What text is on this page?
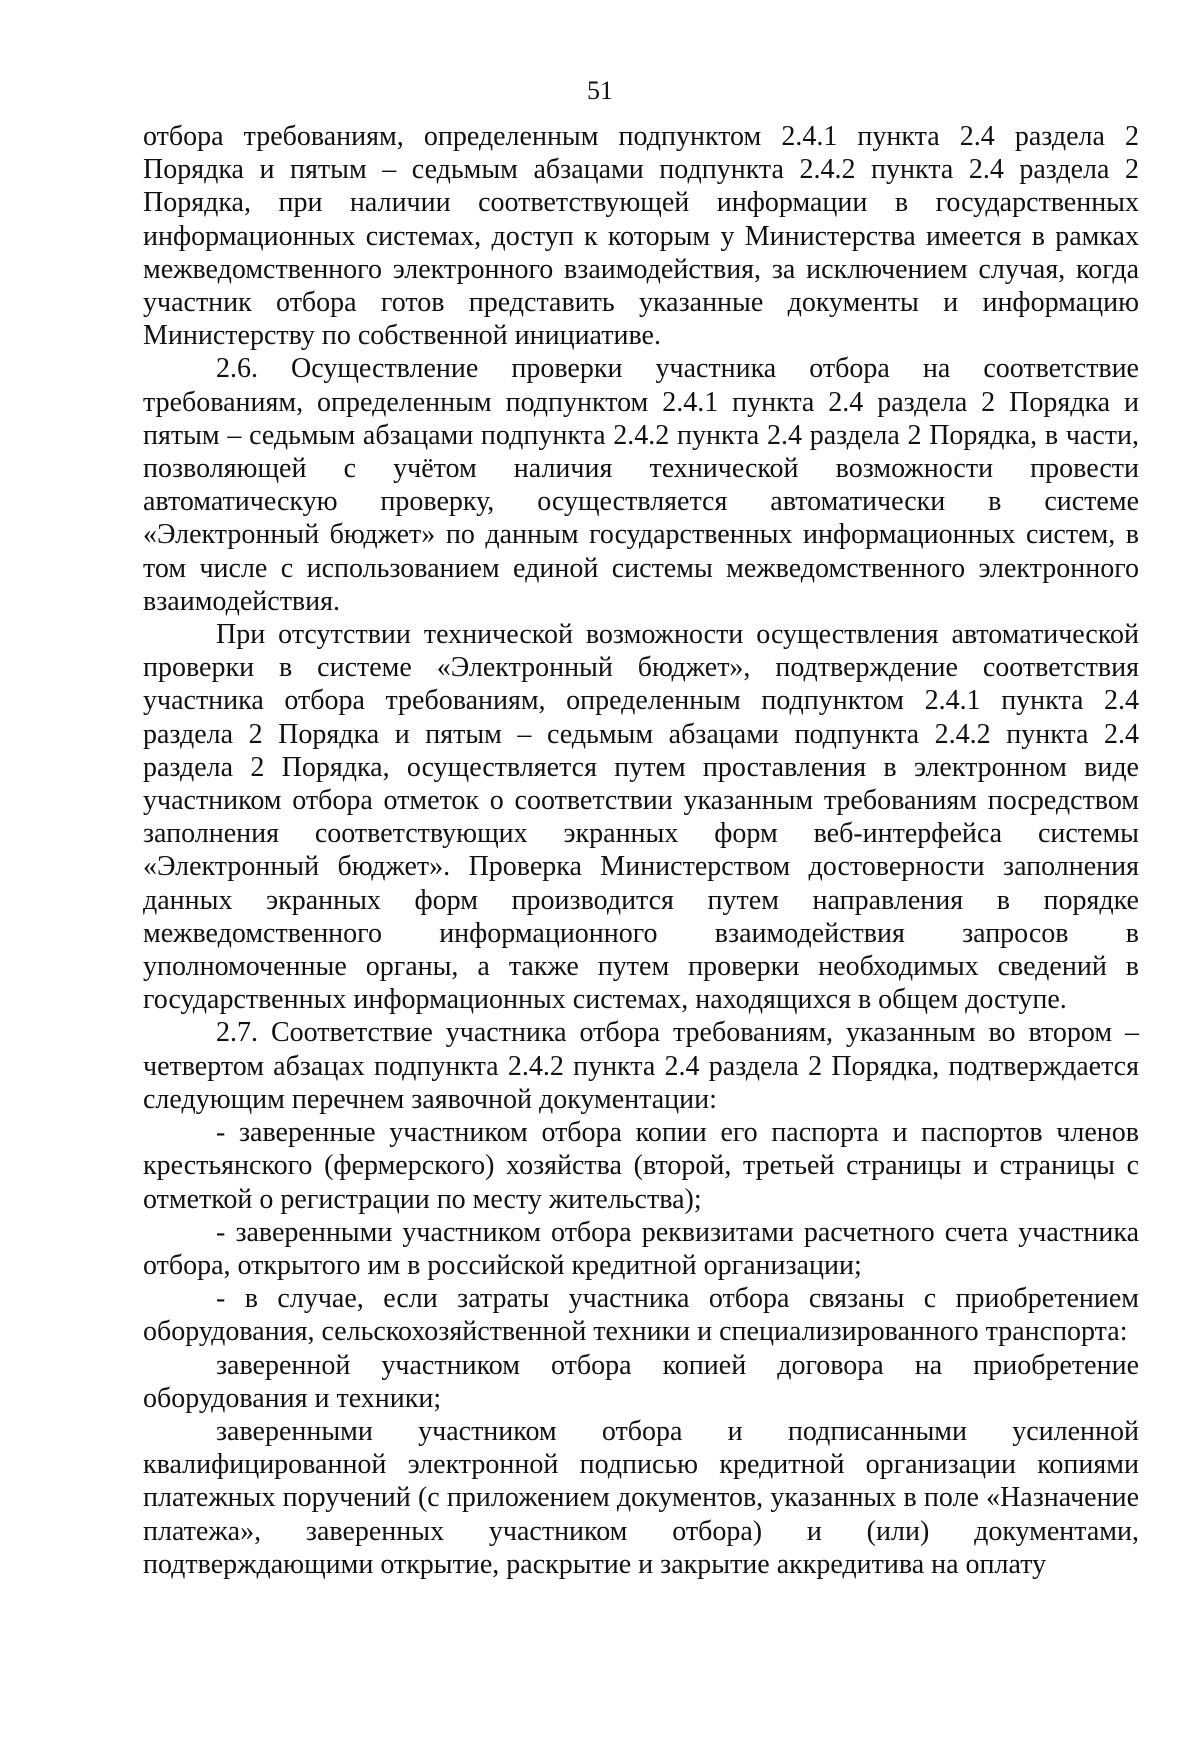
51

отбора требованиям, определенным подпунктом 2.4.1 пункта 2.4 раздела 2 Порядка и пятым – седьмым абзацами подпункта 2.4.2 пункта 2.4 раздела 2 Порядка, при наличии соответствующей информации в государственных информационных системах, доступ к которым у Министерства имеется в рамках межведомственного электронного взаимодействия, за исключением случая, когда участник отбора готов представить указанные документы и информацию Министерству по собственной инициативе.

2.6. Осуществление проверки участника отбора на соответствие требованиям, определенным подпунктом 2.4.1 пункта 2.4 раздела 2 Порядка и пятым – седьмым абзацами подпункта 2.4.2 пункта 2.4 раздела 2 Порядка, в части, позволяющей с учётом наличия технической возможности провести автоматическую проверку, осуществляется автоматически в системе «Электронный бюджет» по данным государственных информационных систем, в том числе с использованием единой системы межведомственного электронного взаимодействия.

При отсутствии технической возможности осуществления автоматической проверки в системе «Электронный бюджет», подтверждение соответствия участника отбора требованиям, определенным подпунктом 2.4.1 пункта 2.4 раздела 2 Порядка и пятым – седьмым абзацами подпункта 2.4.2 пункта 2.4 раздела 2 Порядка, осуществляется путем проставления в электронном виде участником отбора отметок о соответствии указанным требованиям посредством заполнения соответствующих экранных форм веб-интерфейса системы «Электронный бюджет». Проверка Министерством достоверности заполнения данных экранных форм производится путем направления в порядке межведомственного информационного взаимодействия запросов в уполномоченные органы, а также путем проверки необходимых сведений в государственных информационных системах, находящихся в общем доступе.

2.7. Соответствие участника отбора требованиям, указанным во втором – четвертом абзацах подпункта 2.4.2 пункта 2.4 раздела 2 Порядка, подтверждается следующим перечнем заявочной документации:

- заверенные участником отбора копии его паспорта и паспортов членов крестьянского (фермерского) хозяйства (второй, третьей страницы и страницы с отметкой о регистрации по месту жительства);

- заверенными участником отбора реквизитами расчетного счета участника отбора, открытого им в российской кредитной организации;

- в случае, если затраты участника отбора связаны с приобретением оборудования, сельскохозяйственной техники и специализированного транспорта:

заверенной участником отбора копией договора на приобретение оборудования и техники;

заверенными участником отбора и подписанными усиленной квалифицированной электронной подписью кредитной организации копиями платежных поручений (с приложением документов, указанных в поле «Назначение платежа», заверенных участником отбора) и (или) документами, подтверждающими открытие, раскрытие и закрытие аккредитива на оплату
